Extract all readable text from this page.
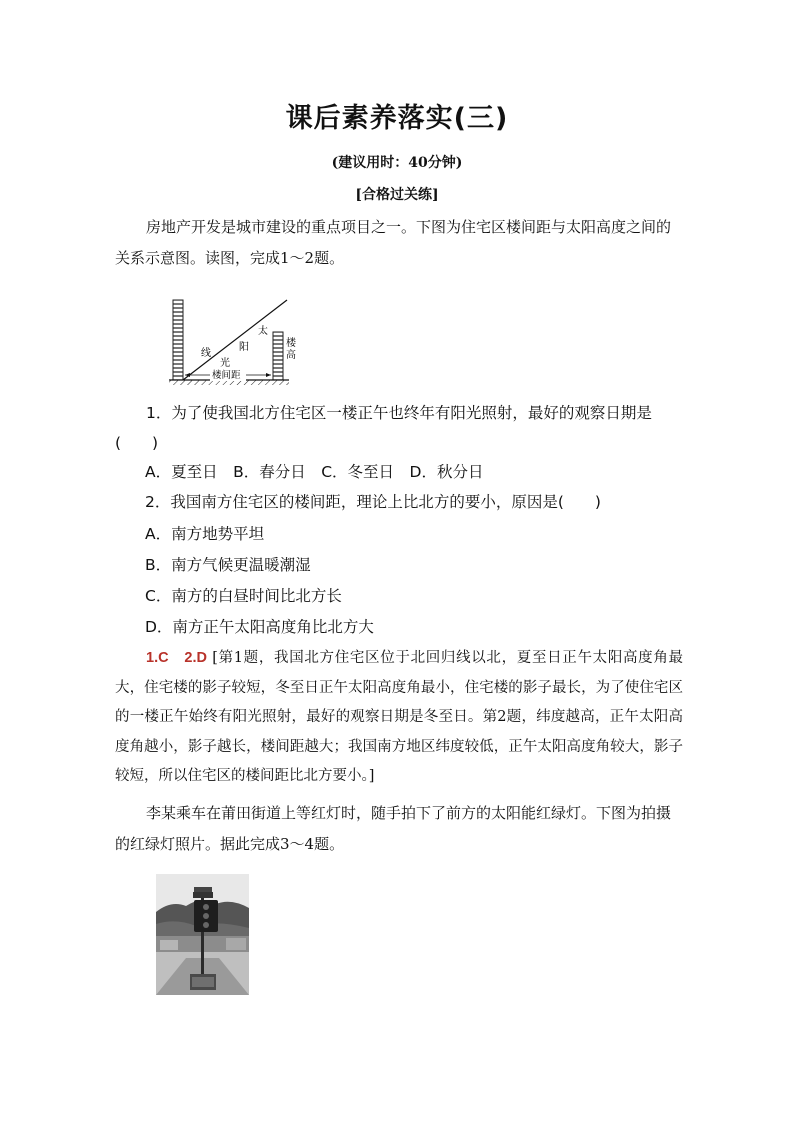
课后素养落实(三)
(建议用时：40分钟)
[合格过关练]
房地产开发是城市建设的重点项目之一。下图为住宅区楼间距与太阳高度之间的关系示意图。读图，完成1～2题。
太
阳
光
线
楼
高
楼间距
1．为了使我国北方住宅区一楼正午也终年有阳光照射，最好的观察日期是(　　)
A．夏至日　B．春分日　C．冬至日　D．秋分日
2．我国南方住宅区的楼间距，理论上比北方的要小，原因是(　　)
A．南方地势平坦
B．南方气候更温暖潮湿
C．南方的白昼时间比北方长
D．南方正午太阳高度角比北方大
1.C　2.D [第1题，我国北方住宅区位于北回归线以北，夏至日正午太阳高度角最大，住宅楼的影子较短，冬至日正午太阳高度角最小，住宅楼的影子最长，为了使住宅区的一楼正午始终有阳光照射，最好的观察日期是冬至日。第2题，纬度越高，正午太阳高度角越小，影子越长，楼间距越大；我国南方地区纬度较低，正午太阳高度角较大，影子较短，所以住宅区的楼间距比北方要小。]
李某乘车在莆田街道上等红灯时，随手拍下了前方的太阳能红绿灯。下图为拍摄的红绿灯照片。据此完成3～4题。
